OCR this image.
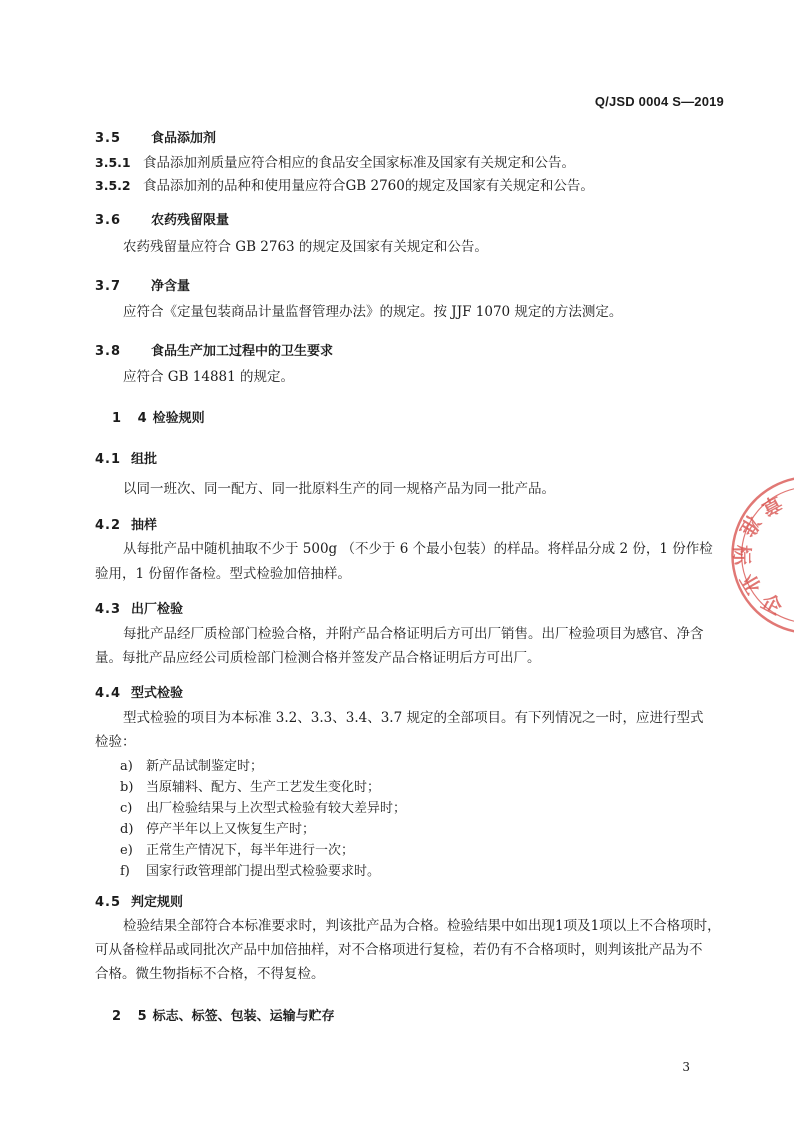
Q/JSD 0004 S—2019
3.5 食品添加剂
3.5.1 食品添加剂质量应符合相应的食品安全国家标准及国家有关规定和公告。
3.5.2 食品添加剂的品种和使用量应符合GB 2760的规定及国家有关规定和公告。
3.6 农药残留限量
农药残留量应符合 GB 2763 的规定及国家有关规定和公告。
3.7 净含量
应符合《定量包装商品计量监督管理办法》的规定。按 JJF 1070 规定的方法测定。
3.8 食品生产加工过程中的卫生要求
应符合 GB 14881 的规定。
1 4检验规则
4.1 组批
以同一班次、同一配方、同一批原料生产的同一规格产品为同一批产品。
4.2 抽样
从每批产品中随机抽取不少于 500g （不少于 6 个最小包装）的样品。将样品分成 2 份，1 份作检
验用，1 份留作备检。型式检验加倍抽样。
4.3 出厂检验
每批产品经厂质检部门检验合格，并附产品合格证明后方可出厂销售。出厂检验项目为感官、净含
量。每批产品应经公司质检部门检测合格并签发产品合格证明后方可出厂。
4.4 型式检验
型式检验的项目为本标准 3.2、3.3、3.4、3.7 规定的全部项目。有下列情况之一时，应进行型式
检验：
a) 新产品试制鉴定时；
b) 当原辅料、配方、生产工艺发生变化时；
c) 出厂检验结果与上次型式检验有较大差异时；
d) 停产半年以上又恢复生产时；
e) 正常生产情况下，每半年进行一次；
f) 国家行政管理部门提出型式检验要求时。
4.5 判定规则
检验结果全部符合本标准要求时，判该批产品为合格。检验结果中如出现1项及1项以上不合格项时，
可从备检样品或同批次产品中加倍抽样，对不合格项进行复检，若仍有不合格项时，则判该批产品为不
合格。微生物指标不合格，不得复检。
2 5标志、标签、包装、运输与贮存
3
企
业
标
准
章
